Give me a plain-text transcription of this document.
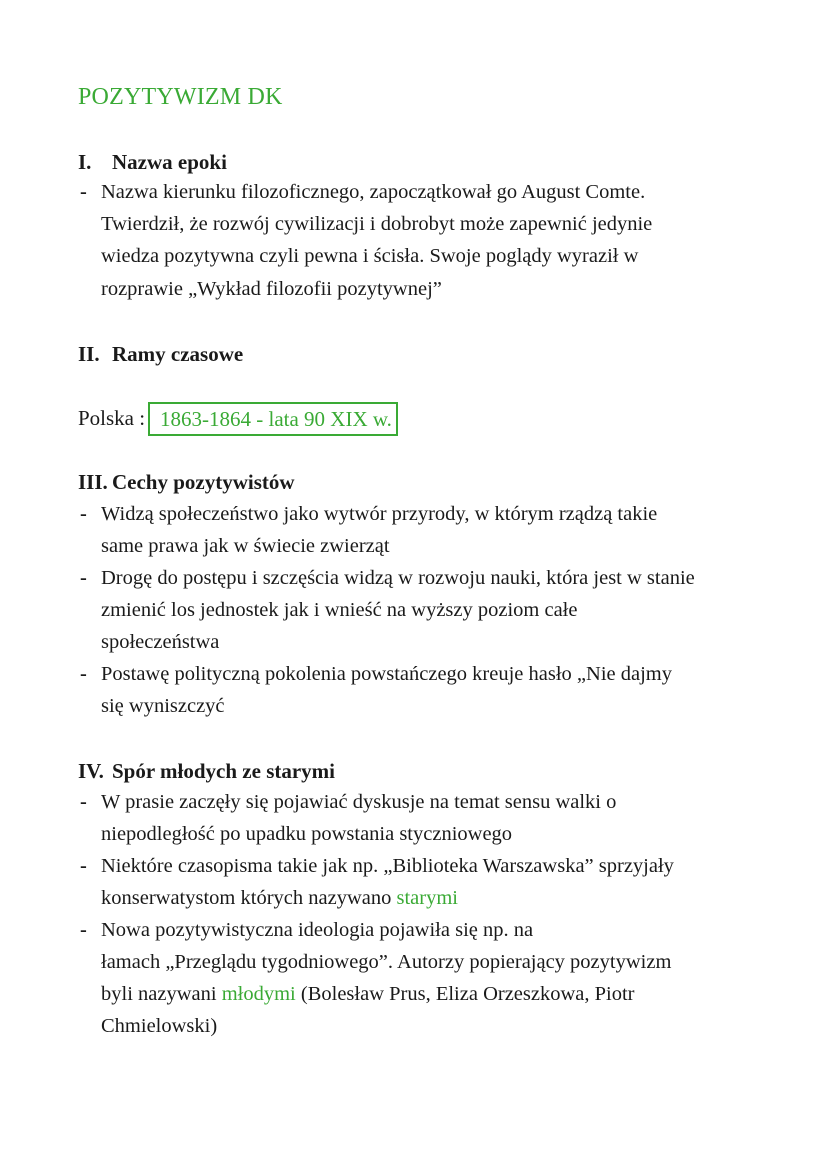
POZYTYWIZM DK
I. Nazwa epoki
- Nazwa kierunku filozoficznego, zapoczątkował go August Comte.
Twierdził, że rozwój cywilizacji i dobrobyt może zapewnić jedynie
wiedza pozytywna czyli pewna i ścisła. Swoje poglądy wyraził w
rozprawie „Wykład filozofii pozytywnej”
II. Ramy czasowe
Polska : 1863-1864 - lata 90 XIX w.
III. Cechy pozytywistów
- Widzą społeczeństwo jako wytwór przyrody, w którym rządzą takie
same prawa jak w świecie zwierząt
- Drogę do postępu i szczęścia widzą w rozwoju nauki, która jest w stanie
zmienić los jednostek jak i wnieść na wyższy poziom całe
społeczeństwa
- Postawę polityczną pokolenia powstańczego kreuje hasło „Nie dajmy
się wyniszczyć
IV. Spór młodych ze starymi
- W prasie zaczęły się pojawiać dyskusje na temat sensu walki o
niepodległość po upadku powstania styczniowego
- Niektóre czasopisma takie jak np. „Biblioteka Warszawska” sprzyjały
konserwatystom których nazywano starymi
- Nowa pozytywistyczna ideologia pojawiła się np. na
łamach „Przeglądu tygodniowego”. Autorzy popierający pozytywizm
byli nazywani młodymi (Bolesław Prus, Eliza Orzeszkowa, Piotr
Chmielowski)
